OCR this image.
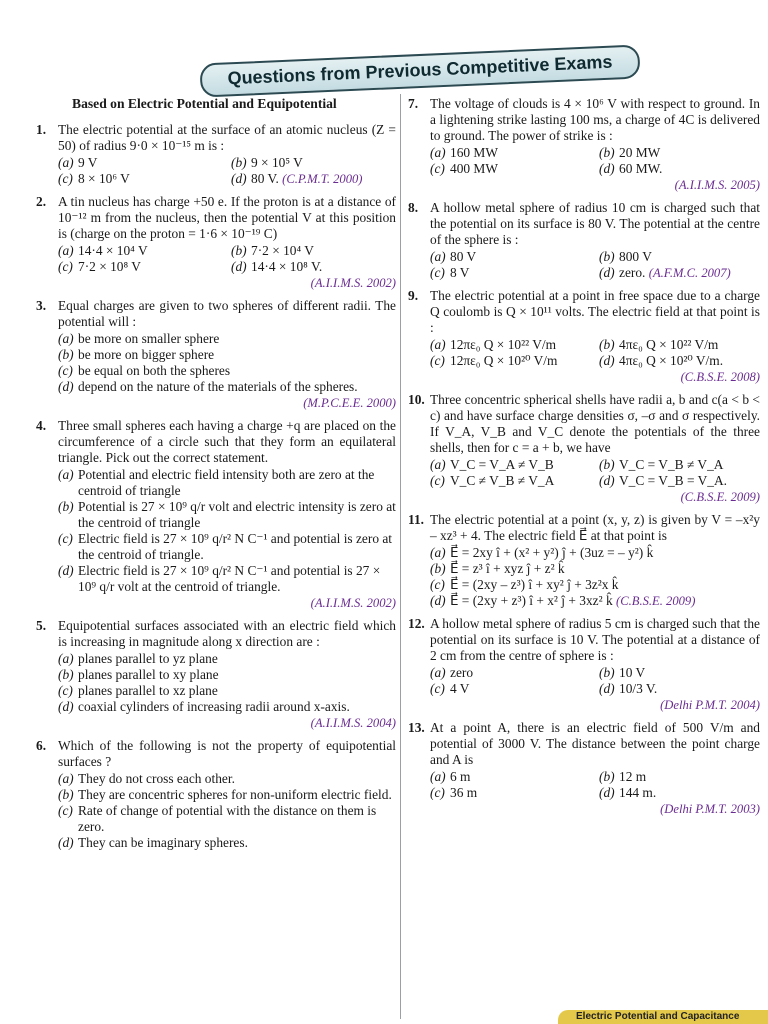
Questions from Previous Competitive Exams
Based on Electric Potential and Equipotential
1. The electric potential at the surface of an atomic nucleus (Z = 50) of radius 9·0 × 10⁻¹⁵ m is :
(a) 9 V	(b) 9 × 10⁵ V
(c) 8 × 10⁶ V	(d) 80 V. (C.P.M.T. 2000)
2. A tin nucleus has charge +50 e. If the proton is at a distance of 10⁻¹² m from the nucleus, then the potential V at this position is (charge on the proton = 1·6 × 10⁻¹⁹ C)
(a) 14·4 × 10⁴ V	(b) 7·2 × 10⁴ V
(c) 7·2 × 10⁸ V	(d) 14·4 × 10⁸ V.
(A.I.I.M.S. 2002)
3. Equal charges are given to two spheres of different radii. The potential will :
(a) be more on smaller sphere
(b) be more on bigger sphere
(c) be equal on both the spheres
(d) depend on the nature of the materials of the spheres.
(M.P.C.E.E. 2000)
4. Three small spheres each having a charge +q are placed on the circumference of a circle such that they form an equilateral triangle. Pick out the correct statement.
(a) Potential and electric field intensity both are zero at the centroid of triangle
(b) Potential is 27 × 10⁹ q/r volt and electric intensity is zero at the centroid of triangle
(c) Electric field is 27 × 10⁹ q/r² N C⁻¹ and potential is zero at the centroid of triangle.
(d) Electric field is 27 × 10⁹ q/r² N C⁻¹ and potential is 27 × 10⁹ q/r volt at the centroid of triangle.
(A.I.I.M.S. 2002)
5. Equipotential surfaces associated with an electric field which is increasing in magnitude along x direction are :
(a) planes parallel to yz plane
(b) planes parallel to xy plane
(c) planes parallel to xz plane
(d) coaxial cylinders of increasing radii around x-axis.
(A.I.I.M.S. 2004)
6. Which of the following is not the property of equipotential surfaces ?
(a) They do not cross each other.
(b) They are concentric spheres for non-uniform electric field.
(c) Rate of change of potential with the distance on them is zero.
(d) They can be imaginary spheres.
7. The voltage of clouds is 4 × 10⁶ V with respect to ground. In a lightening strike lasting 100 ms, a charge of 4C is delivered to ground. The power of strike is :
(a) 160 MW	(b) 20 MW
(c) 400 MW	(d) 60 MW.
(A.I.I.M.S. 2005)
8. A hollow metal sphere of radius 10 cm is charged such that the potential on its surface is 80 V. The potential at the centre of the sphere is :
(a) 80 V	(b) 800 V
(c) 8 V	(d) zero. (A.F.M.C. 2007)
9. The electric potential at a point in free space due to a charge Q coulomb is Q × 10¹¹ volts. The electric field at that point is :
(a) 12πε₀ Q × 10²² V/m	(b) 4πε₀ Q × 10²² V/m
(c) 12πε₀ Q × 10²⁰ V/m	(d) 4πε₀ Q × 10²⁰ V/m.
(C.B.S.E. 2008)
10. Three concentric spherical shells have radii a, b and c(a < b < c) and have surface charge densities σ, –σ and σ respectively. If V_A, V_B and V_C denote the potentials of the three shells, then for c = a + b, we have
(a) V_C = V_A ≠ V_B	(b) V_C = V_B ≠ V_A
(c) V_C ≠ V_B ≠ V_A	(d) V_C = V_B = V_A.
(C.B.S.E. 2009)
11. The electric potential at a point (x, y, z) is given by V = –x²y – xz³ + 4. The electric field E⃗ at that point is
(a) E⃗ = 2xy î + (x² + y²) ĵ + (3uz = – y²) k̂
(b) E⃗ = z³ î + xyz ĵ + z² k̂
(c) E⃗ = (2xy – z³) î + xy² ĵ + 3z²x k̂
(d) E⃗ = (2xy + z³) î + x² ĵ + 3xz² k̂ (C.B.S.E. 2009)
12. A hollow metal sphere of radius 5 cm is charged such that the potential on its surface is 10 V. The potential at a distance of 2 cm from the centre of sphere is :
(a) zero	(b) 10 V
(c) 4 V	(d) 10/3 V.
(Delhi P.M.T. 2004)
13. At a point A, there is an electric field of 500 V/m and potential of 3000 V. The distance between the point charge and A is
(a) 6 m	(b) 12 m
(c) 36 m	(d) 144 m.
(Delhi P.M.T. 2003)
Electric Potential and Capacitance
